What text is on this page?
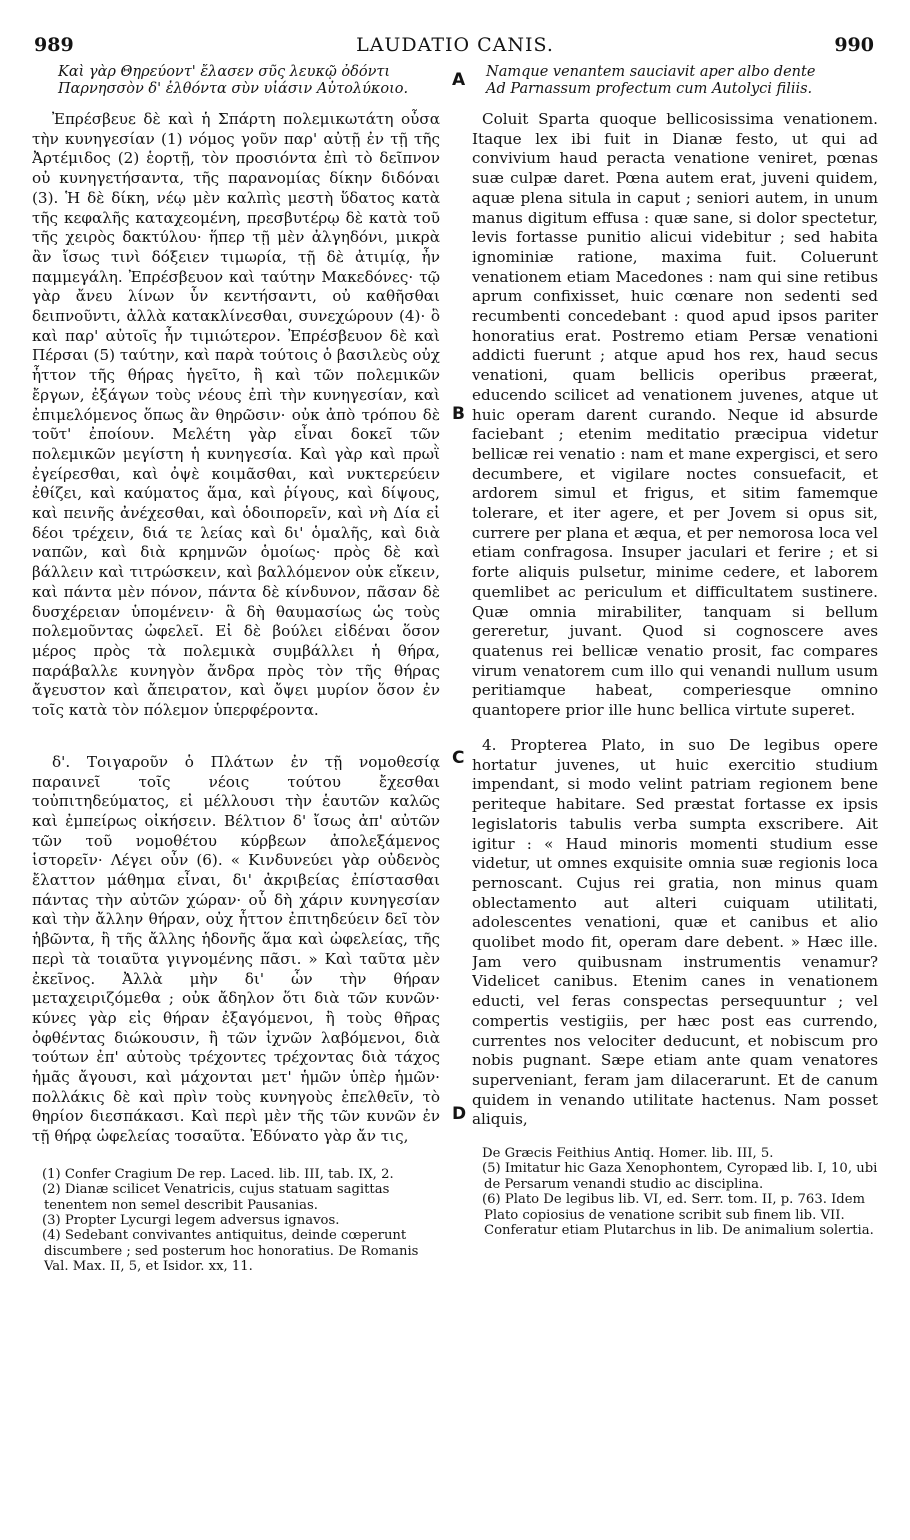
989	LAUDATIO CANIS.	990
A
B
C
D
Καὶ γὰρ Θηρεύοντ' ἔλασεν σῦς λευκῷ ὀδόντι
Παρνησσὸν δ' ἐλθόντα σὺν υἱάσιν Αὐτολύκοιο.

Ἐπρέσβευε δὲ καὶ ἡ Σπάρτη πολεμικωτάτη οὖσα τὴν κυνηγεσίαν (1) νόμος γοῦν παρ' αὐτῇ ἐν τῇ τῆς Ἀρτέμιδος (2) ἑορτῇ, τὸν προσιόντα ἐπὶ τὸ δεῖπνον οὐ κυνηγετήσαντα, τῆς παρανομίας δίκην διδόναι (3). Ἡ δὲ δίκη, νέῳ μὲν καλπὶς μεστὴ ὕδατος κατὰ τῆς κεφαλῆς καταχεομένη, πρεσβυτέρῳ δὲ κατὰ τοῦ τῆς χειρὸς δακτύλου· ἥπερ τῇ μὲν ἀλγηδόνι, μικρὰ ἂν ἴσως τινὶ δόξειεν τιμωρία, τῇ δὲ ἀτιμίᾳ, ἦν παμμεγάλη. Ἐπρέσβευον καὶ ταύτην Μακεδόνες· τῷ γὰρ ἄνευ λίνων ὗν κεντήσαντι, οὐ καθῆσθαι δειπνοῦντι, ἀλλὰ κατακλίνεσθαι, συνεχώρουν (4)· ὃ καὶ παρ' αὐτοῖς ἦν τιμιώτερον. Ἐπρέσβευον δὲ καὶ Πέρσαι (5) ταύτην, καὶ παρὰ τούτοις ὁ βασιλεὺς οὐχ ἧττον τῆς θήρας ἡγεῖτο, ἢ καὶ τῶν πολεμικῶν ἔργων, ἐξάγων τοὺς νέους ἐπὶ τὴν κυνηγεσίαν, καὶ ἐπιμελόμενος ὅπως ἂν θηρῶσιν· οὐκ ἀπὸ τρόπου δὲ τοῦτ' ἐποίουν. Μελέτη γὰρ εἶναι δοκεῖ τῶν πολεμικῶν μεγίστη ἡ κυνηγεσία. Καὶ γὰρ καὶ πρωῒ ἐγείρεσθαι, καὶ ὀψὲ κοιμᾶσθαι, καὶ νυκτερεύειν ἐθίζει, καὶ καύματος ἅμα, καὶ ῥίγους, καὶ δίψους, καὶ πεινῆς ἀνέχεσθαι, καὶ ὁδοιπορεῖν, καὶ νὴ Δία εἰ δέοι τρέχειν, διά τε λείας καὶ δι' ὁμαλῆς, καὶ διὰ ναπῶν, καὶ διὰ κρημνῶν ὁμοίως· πρὸς δὲ καὶ βάλλειν καὶ τιτρώσκειν, καὶ βαλλόμενον οὐκ εἴκειν, καὶ πάντα μὲν πόνον, πάντα δὲ κίνδυνον, πᾶσαν δὲ δυσχέρειαν ὑπομένειν· ἃ δὴ θαυμασίως ὡς τοὺς πολεμοῦντας ὠφελεῖ. Εἰ δὲ βούλει εἰδέναι ὅσον μέρος πρὸς τὰ πολεμικὰ συμβάλλει ἡ θήρα, παράβαλλε κυνηγὸν ἄνδρα πρὸς τὸν τῆς θήρας ἄγευστον καὶ ἄπειρατον, καὶ ὄψει μυρίον ὅσον ἐν τοῖς κατὰ τὸν πόλεμον ὑπερφέροντα.

δ'. Τοιγαροῦν ὁ Πλάτων ἐν τῇ νομοθεσίᾳ παραινεῖ τοῖς νέοις τούτου ἔχεσθαι τοὐπιτηδεύματος, εἰ μέλλουσι τὴν ἑαυτῶν καλῶς καὶ ἐμπείρως οἰκήσειν. Βέλτιον δ' ἴσως ἀπ' αὐτῶν τῶν τοῦ νομοθέτου κύρβεων ἀπολεξάμενος ἱστορεῖν· Λέγει οὖν (6). « Κινδυνεύει γὰρ οὐδενὸς ἔλαττον μάθημα εἶναι, δι' ἀκριβείας ἐπίστασθαι πάντας τὴν αὐτῶν χώραν· οὗ δὴ χάριν κυνηγεσίαν καὶ τὴν ἄλλην θήραν, οὐχ ἧττον ἐπιτηδεύειν δεῖ τὸν ἡβῶντα, ἢ τῆς ἄλλης ἡδονῆς ἅμα καὶ ὠφελείας, τῆς περὶ τὰ τοιαῦτα γιγνομένης πᾶσι. » Καὶ ταῦτα μὲν ἐκεῖνος. Ἀλλὰ μὴν δι' ὧν τὴν θήραν μεταχειριζόμεθα ; οὐκ ἄδηλον ὅτι διὰ τῶν κυνῶν· κύνες γὰρ εἰς θήραν ἐξαγόμενοι, ἢ τοὺς θῆρας ὀφθέντας διώκουσιν, ἢ τῶν ἰχνῶν λαβόμενοι, διὰ τούτων ἐπ' αὐτοὺς τρέχοντες τρέχοντας διὰ τάχος ἡμᾶς ἄγουσι, καὶ μάχονται μετ' ἡμῶν ὑπὲρ ἡμῶν· πολλάκις δὲ καὶ πρὶν τοὺς κυνηγοὺς ἐπελθεῖν, τὸ θηρίον διεσπάκασι. Καὶ περὶ μὲν τῆς τῶν κυνῶν ἐν τῇ θήρᾳ ὠφελείας τοσαῦτα. Ἐδύνατο γὰρ ἄν τις,

(1) Confer Cragium De rep. Laced. lib. III, tab. IX, 2.

(2) Dianæ scilicet Venatricis, cujus statuam sagittas tenentem non semel describit Pausanias.

(3) Propter Lycurgi legem adversus ignavos.

(4) Sedebant convivantes antiquitus, deinde cœperunt discumbere ; sed posterum hoc honoratius. De Romanis Val. Max. II, 5, et Isidor. xx, 11.

Namque venantem sauciavit aper albo dente
Ad Parnassum profectum cum Autolyci filiis.

Coluit Sparta quoque bellicosissima venationem. Itaque lex ibi fuit in Dianæ festo, ut qui ad convivium haud peracta venatione veniret, pœnas suæ culpæ daret. Pœna autem erat, juveni quidem, aquæ plena situla in caput ; seniori autem, in unum manus digitum effusa : quæ sane, si dolor spectetur, levis fortasse punitio alicui videbitur ; sed habita ignominiæ ratione, maxima fuit. Coluerunt venationem etiam Macedones : nam qui sine retibus aprum confixisset, huic cœnare non sedenti sed recumbenti concedebant : quod apud ipsos pariter honoratius erat. Postremo etiam Persæ venationi addicti fuerunt ; atque apud hos rex, haud secus venationi, quam bellicis operibus præerat, educendo scilicet ad venationem juvenes, atque ut huic operam darent curando. Neque id absurde faciebant ; etenim meditatio præcipua videtur bellicæ rei venatio : nam et mane expergisci, et sero decumbere, et vigilare noctes consuefacit, et ardorem simul et frigus, et sitim famemque tolerare, et iter agere, et per Jovem si opus sit, currere per plana et æqua, et per nemorosa loca vel etiam confragosa. Insuper jaculari et ferire ; et si forte aliquis pulsetur, minime cedere, et laborem quemlibet ac periculum et difficultatem sustinere. Quæ omnia mirabiliter, tanquam si bellum gereretur, juvant. Quod si cognoscere aves quatenus rei bellicæ venatio prosit, fac compares virum venatorem cum illo qui venandi nullum usum peritiamque habeat, comperiesque omnino quantopere prior ille hunc bellica virtute superet.

4. Propterea Plato, in suo De legibus opere hortatur juvenes, ut huic exercitio studium impendant, si modo velint patriam regionem bene periteque habitare. Sed præstat fortasse ex ipsis legislatoris tabulis verba sumpta exscribere. Ait igitur : « Haud minoris momenti studium esse videtur, ut omnes exquisite omnia suæ regionis loca pernoscant. Cujus rei gratia, non minus quam oblectamento aut alteri cuiquam utilitati, adolescentes venationi, quæ et canibus et alio quolibet modo fit, operam dare debent. » Hæc ille. Jam vero quibusnam instrumentis venamur? Videlicet canibus. Etenim canes in venationem educti, vel feras conspectas persequuntur ; vel compertis vestigiis, per hæc post eas currendo, currentes nos velociter deducunt, et nobiscum pro nobis pugnant. Sæpe etiam ante quam venatores superveniant, feram jam dilacerarunt. Et de canum quidem in venando utilitate hactenus. Nam posset aliquis,

De Græcis Feithius Antiq. Homer. lib. III, 5.

(5) Imitatur hic Gaza Xenophontem, Cyropæd lib. I, 10, ubi de Persarum venandi studio ac disciplina.

(6) Plato De legibus lib. VI, ed. Serr. tom. II, p. 763. Idem Plato copiosius de venatione scribit sub finem lib. VII. Conferatur etiam Plutarchus in lib. De animalium solertia.
